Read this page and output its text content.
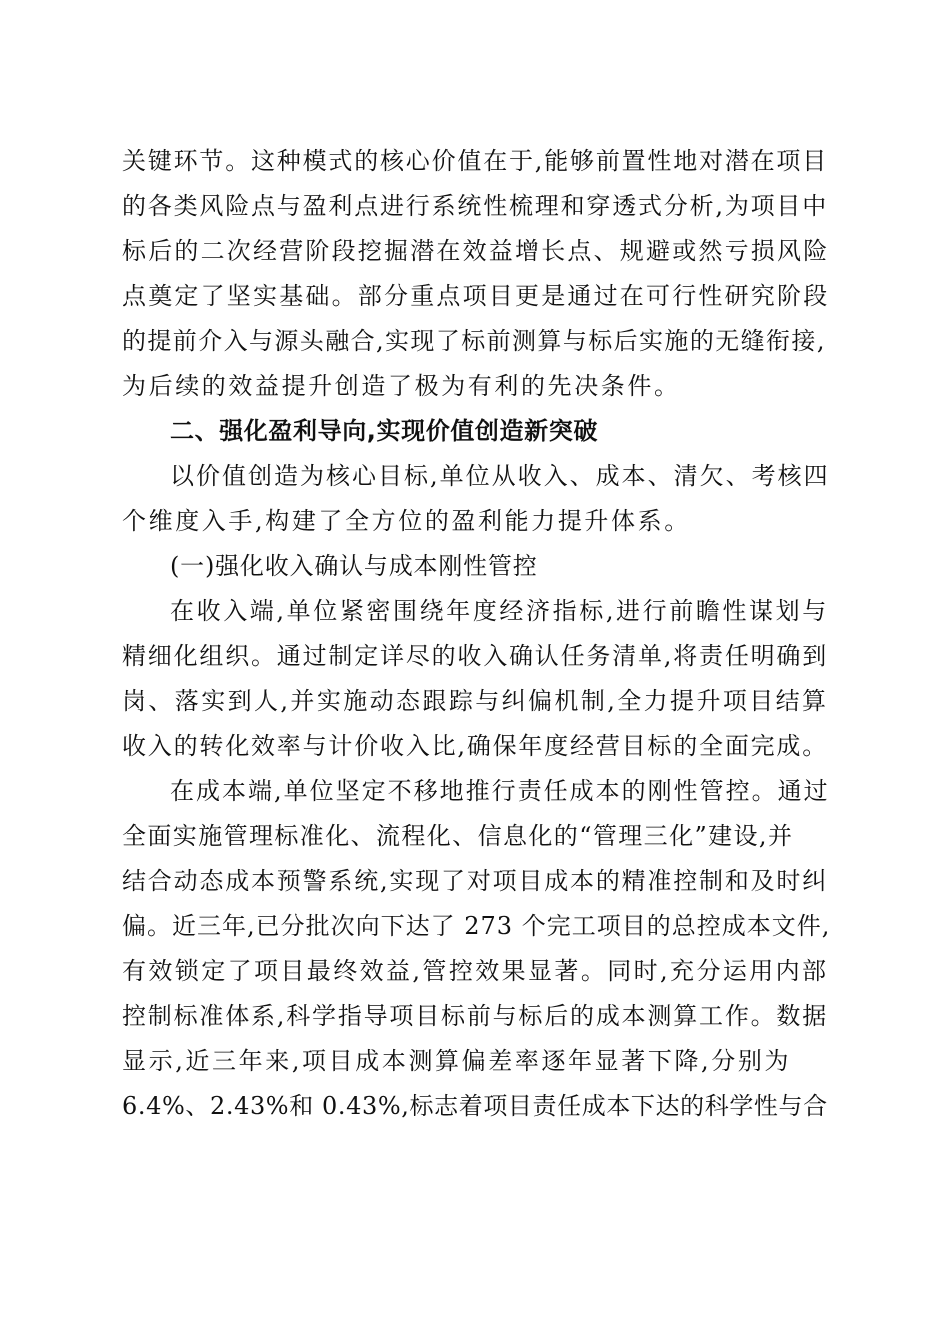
关键环节。这种模式的核心价值在于,能够前置性地对潜在项目
的各类风险点与盈利点进行系统性梳理和穿透式分析,为项目中
标后的二次经营阶段挖掘潜在效益增长点、规避或然亏损风险
点奠定了坚实基础。部分重点项目更是通过在可行性研究阶段
的提前介入与源头融合,实现了标前测算与标后实施的无缝衔接,
为后续的效益提升创造了极为有利的先决条件。
二、强化盈利导向,实现价值创造新突破
以价值创造为核心目标,单位从收入、成本、清欠、考核四
个维度入手,构建了全方位的盈利能力提升体系。
(一)强化收入确认与成本刚性管控
在收入端,单位紧密围绕年度经济指标,进行前瞻性谋划与
精细化组织。通过制定详尽的收入确认任务清单,将责任明确到
岗、落实到人,并实施动态跟踪与纠偏机制,全力提升项目结算
收入的转化效率与计价收入比,确保年度经营目标的全面完成。
在成本端,单位坚定不移地推行责任成本的刚性管控。通过
全面实施管理标准化、流程化、信息化的“管理三化”建设,并
结合动态成本预警系统,实现了对项目成本的精准控制和及时纠
偏。近三年,已分批次向下达了 273 个完工项目的总控成本文件,
有效锁定了项目最终效益,管控效果显著。同时,充分运用内部
控制标准体系,科学指导项目标前与标后的成本测算工作。数据
显示,近三年来,项目成本测算偏差率逐年显著下降,分别为
6.4%、2.43%和 0.43%,标志着项目责任成本下达的科学性与合
